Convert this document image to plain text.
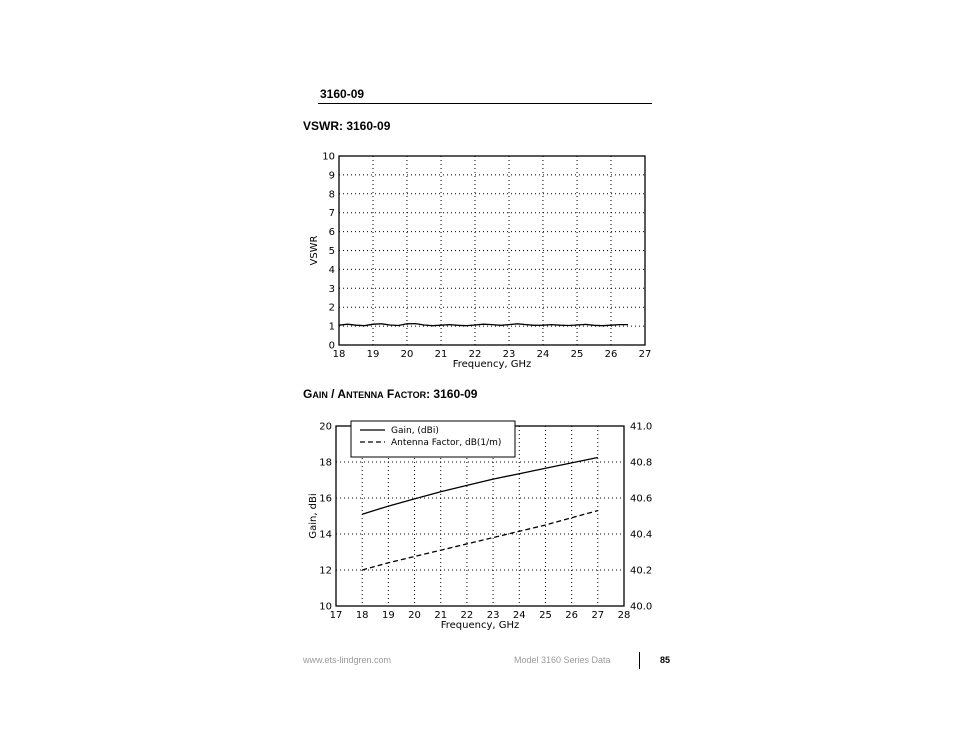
3160-09
VSWR: 3160-09
GAIN / ANTENNA FACTOR: 3160-09
18 19 20 21 22 23 24 25 26 27
0
1
2
3
4
5
6
7
8
9
10
Frequency, GHz
VSWR
17 18 19 20 21 22 23 24 25 26 27 28
10
12
14
16
18
20
40.0
40.2
40.4
40.6
40.8
41.0
Frequency, GHz
Gain, dBi
Gain, (dBi)
Antenna Factor, dB(1/m)
www.ets-lindgren.com	Model 3160 Series Data	85
